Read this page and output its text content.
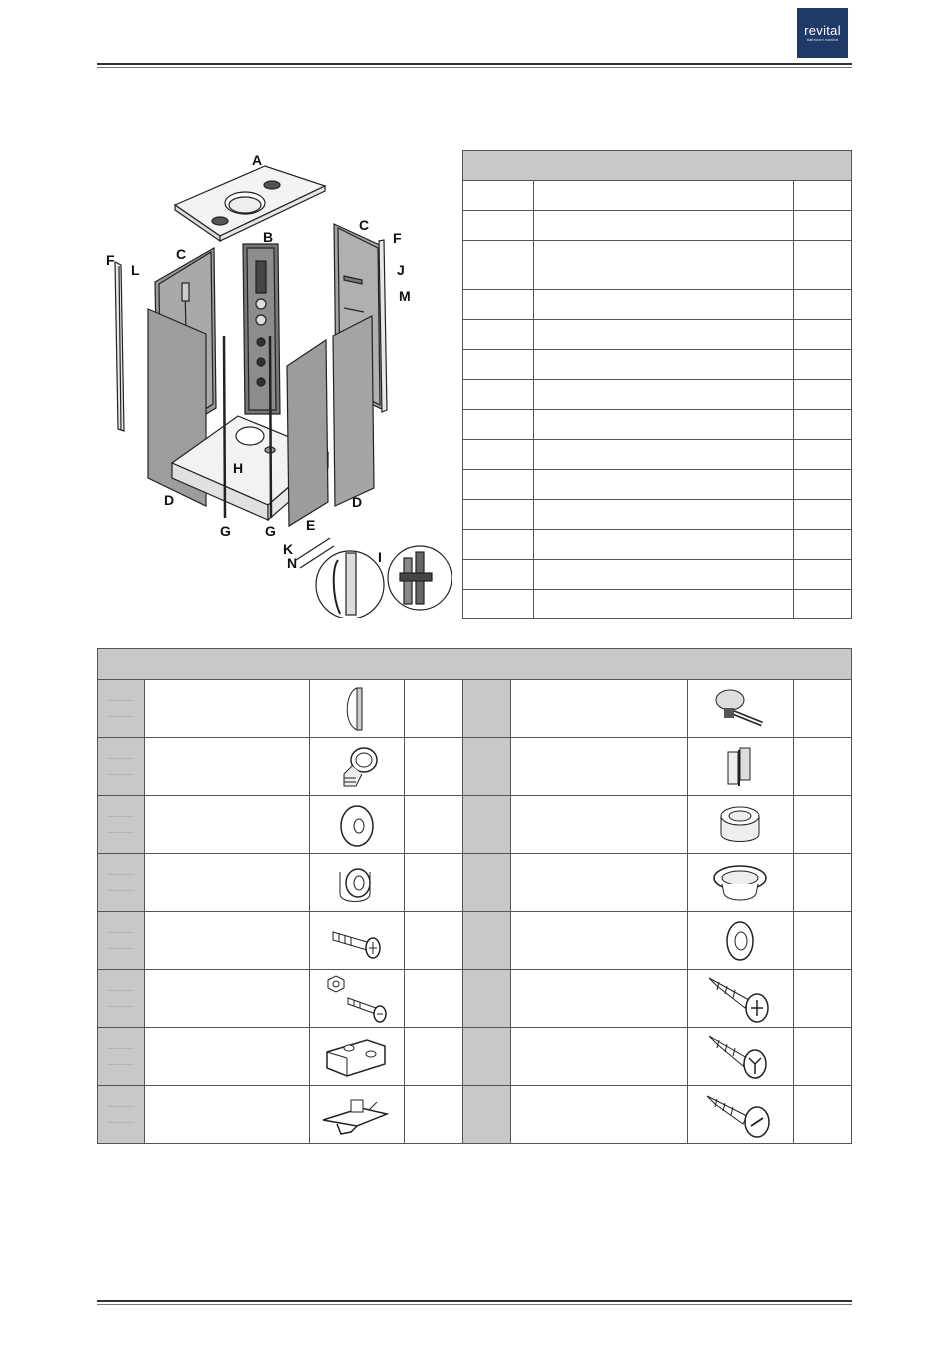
revital
bathroom comfort
A
B
C
C
F
F
L	J
M
H
D	D
G G E
K
N	I
